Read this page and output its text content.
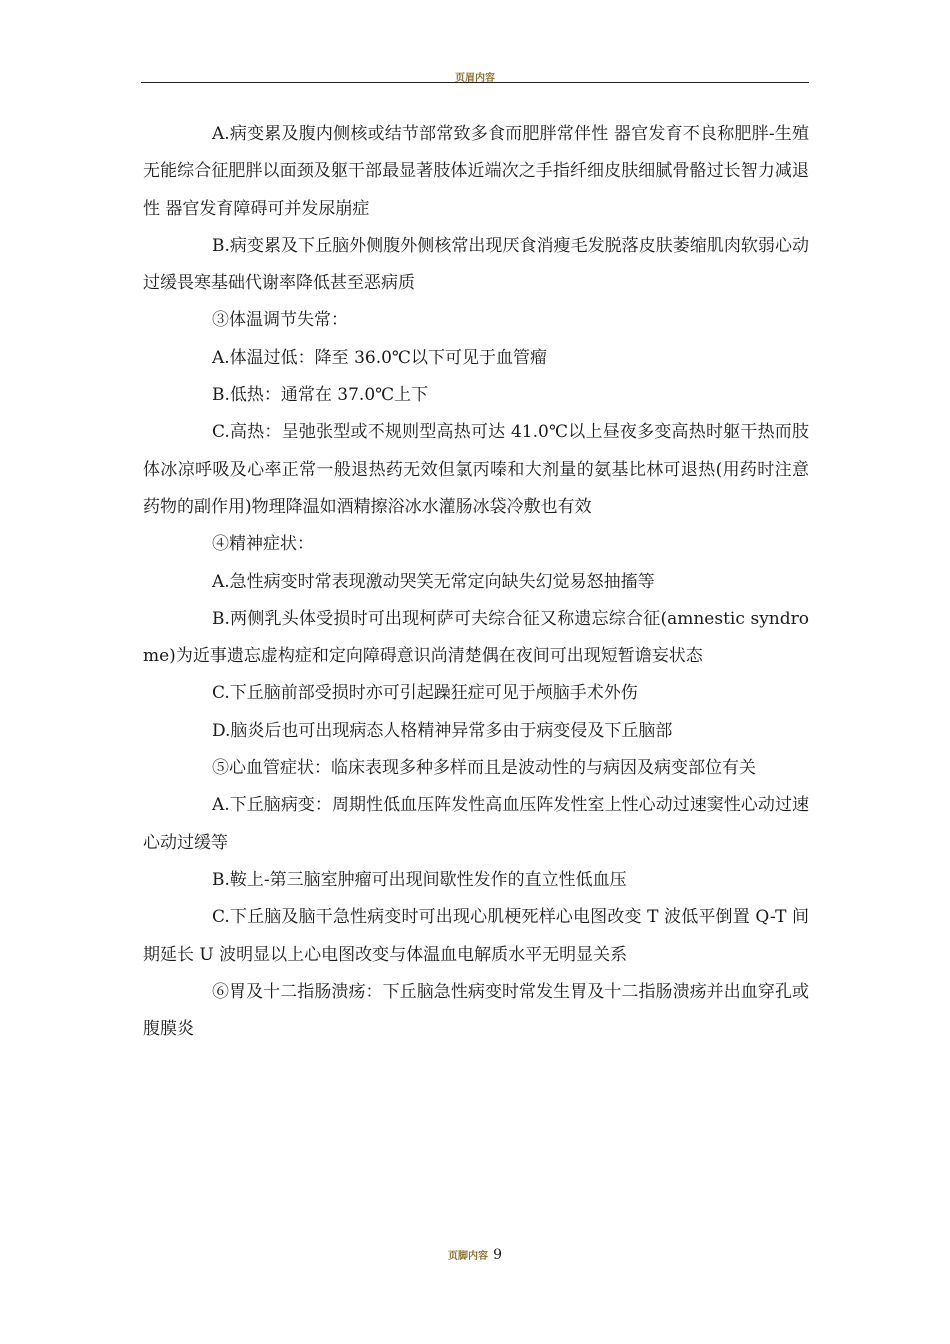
页眉内容

A.病变累及腹内侧核或结节部常致多食而肥胖常伴性 器官发育不良称肥胖-生殖无能综合征肥胖以面颈及躯干部最显著肢体近端次之手指纤细皮肤细腻骨骼过长智力减退性 器官发育障碍可并发尿崩症

B.病变累及下丘脑外侧腹外侧核常出现厌食消瘦毛发脱落皮肤萎缩肌肉软弱心动过缓畏寒基础代谢率降低甚至恶病质

③体温调节失常：

A.体温过低：降至 36.0℃以下可见于血管瘤

B.低热：通常在 37.0℃上下

C.高热：呈弛张型或不规则型高热可达 41.0℃以上昼夜多变高热时躯干热而肢体冰凉呼吸及心率正常一般退热药无效但氯丙嗪和大剂量的氨基比林可退热(用药时注意药物的副作用)物理降温如酒精擦浴冰水灌肠冰袋冷敷也有效

④精神症状：

A.急性病变时常表现激动哭笑无常定向缺失幻觉易怒抽搐等

B.两侧乳头体受损时可出现柯萨可夫综合征又称遗忘综合征(amnestic syndrome)为近事遗忘虚构症和定向障碍意识尚清楚偶在夜间可出现短暂谵妄状态

C.下丘脑前部受损时亦可引起躁狂症可见于颅脑手术外伤

D.脑炎后也可出现病态人格精神异常多由于病变侵及下丘脑部

⑤心血管症状：临床表现多种多样而且是波动性的与病因及病变部位有关

A.下丘脑病变：周期性低血压阵发性高血压阵发性室上性心动过速窦性心动过速心动过缓等

B.鞍上-第三脑室肿瘤可出现间歇性发作的直立性低血压

C.下丘脑及脑干急性病变时可出现心肌梗死样心电图改变 T 波低平倒置 Q-T 间期延长 U 波明显以上心电图改变与体温血电解质水平无明显关系

⑥胃及十二指肠溃疡：下丘脑急性病变时常发生胃及十二指肠溃疡并出血穿孔或腹膜炎

页脚内容 9
